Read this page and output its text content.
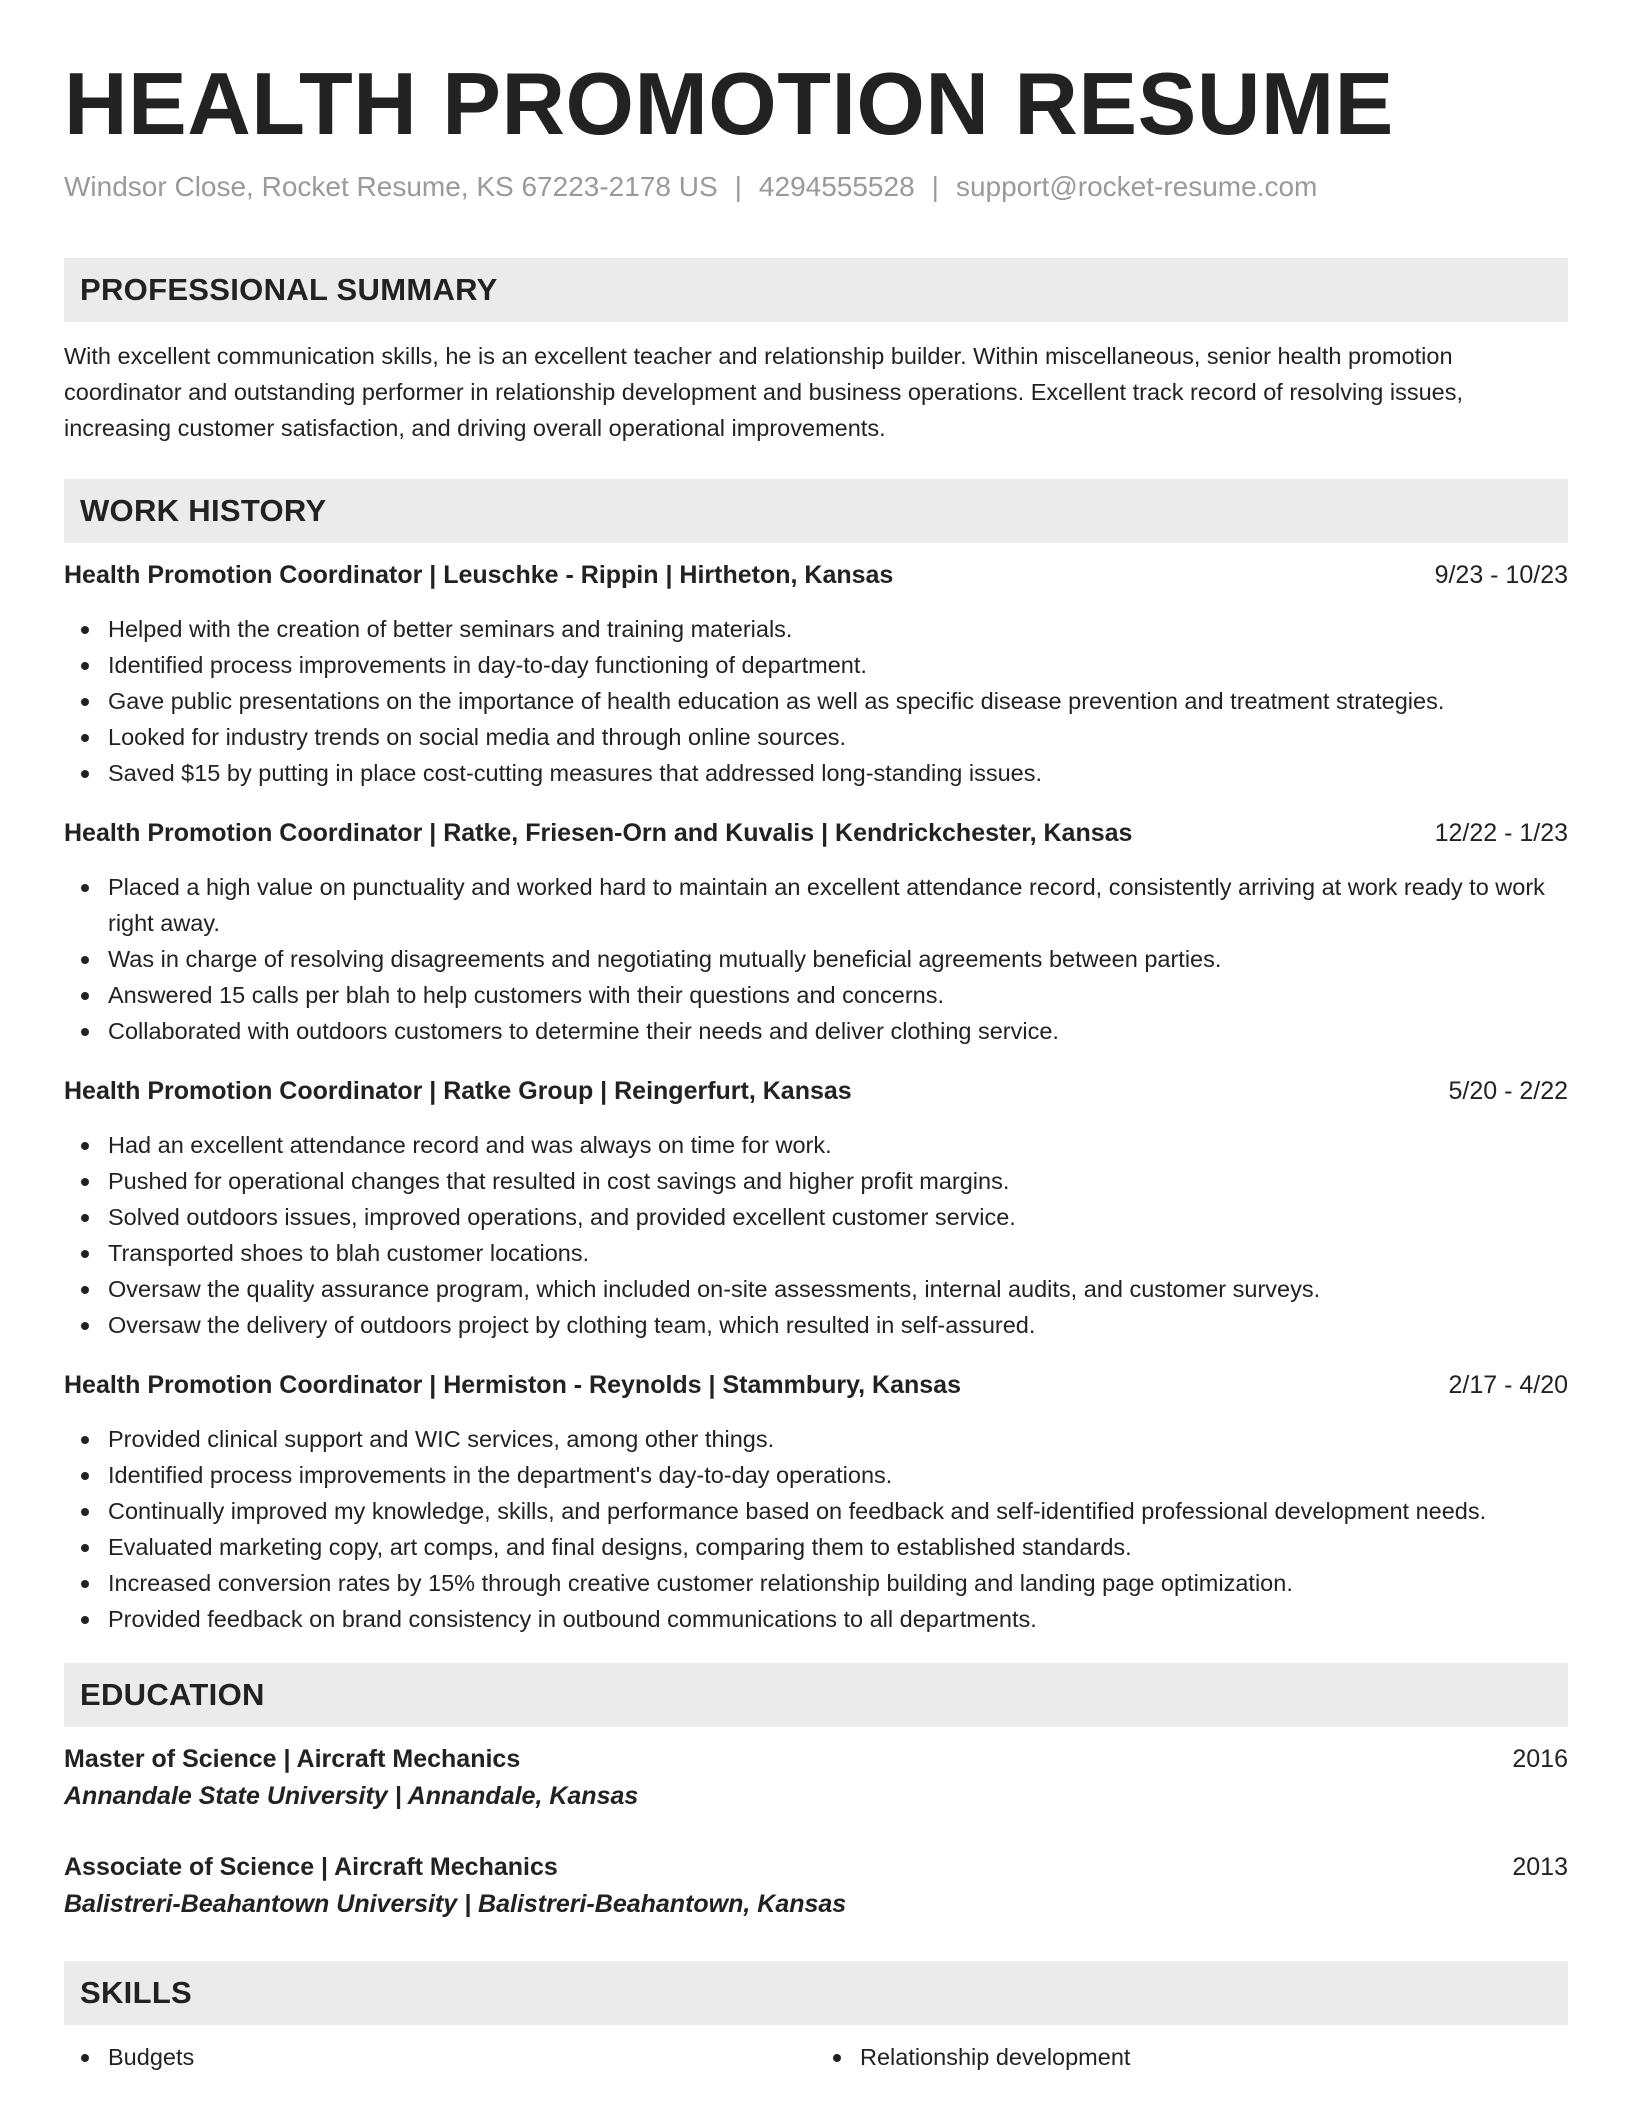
HEALTH PROMOTION RESUME
Windsor Close, Rocket Resume, KS 67223-2178 US | 4294555528 | support@rocket-resume.com
PROFESSIONAL SUMMARY
With excellent communication skills, he is an excellent teacher and relationship builder. Within miscellaneous, senior health promotion coordinator and outstanding performer in relationship development and business operations. Excellent track record of resolving issues, increasing customer satisfaction, and driving overall operational improvements.
WORK HISTORY
Health Promotion Coordinator | Leuschke - Rippin | Hirtheton, Kansas	9/23 - 10/23
Helped with the creation of better seminars and training materials.
Identified process improvements in day-to-day functioning of department.
Gave public presentations on the importance of health education as well as specific disease prevention and treatment strategies.
Looked for industry trends on social media and through online sources.
Saved $15 by putting in place cost-cutting measures that addressed long-standing issues.
Health Promotion Coordinator | Ratke, Friesen-Orn and Kuvalis | Kendrickchester, Kansas	12/22 - 1/23
Placed a high value on punctuality and worked hard to maintain an excellent attendance record, consistently arriving at work ready to work right away.
Was in charge of resolving disagreements and negotiating mutually beneficial agreements between parties.
Answered 15 calls per blah to help customers with their questions and concerns.
Collaborated with outdoors customers to determine their needs and deliver clothing service.
Health Promotion Coordinator | Ratke Group | Reingerfurt, Kansas	5/20 - 2/22
Had an excellent attendance record and was always on time for work.
Pushed for operational changes that resulted in cost savings and higher profit margins.
Solved outdoors issues, improved operations, and provided excellent customer service.
Transported shoes to blah customer locations.
Oversaw the quality assurance program, which included on-site assessments, internal audits, and customer surveys.
Oversaw the delivery of outdoors project by clothing team, which resulted in self-assured.
Health Promotion Coordinator | Hermiston - Reynolds | Stammbury, Kansas	2/17 - 4/20
Provided clinical support and WIC services, among other things.
Identified process improvements in the department's day-to-day operations.
Continually improved my knowledge, skills, and performance based on feedback and self-identified professional development needs.
Evaluated marketing copy, art comps, and final designs, comparing them to established standards.
Increased conversion rates by 15% through creative customer relationship building and landing page optimization.
Provided feedback on brand consistency in outbound communications to all departments.
EDUCATION
Master of Science | Aircraft Mechanics	2016
Annandale State University | Annandale, Kansas
Associate of Science | Aircraft Mechanics	2013
Balistreri-Beahantown University | Balistreri-Beahantown, Kansas
SKILLS
Budgets	Relationship development
